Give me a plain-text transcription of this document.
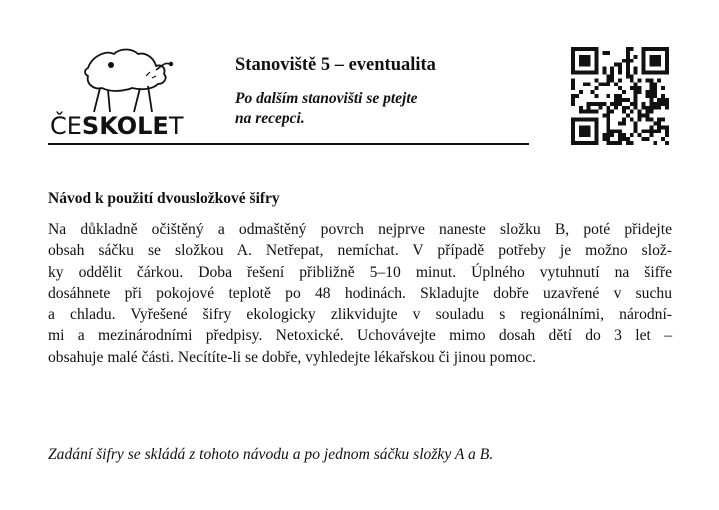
ČESKOLET
Stanoviště 5 – eventualita
Po dalším stanovišti se ptejte
na recepci.
Návod k použití dvousložkové šifry
Na důkladně očištěný a odmaštěný povrch nejprve naneste složku B, poté přidejte
obsah sáčku se složkou A. Netřepat, nemíchat. V případě potřeby je možno slož-
ky oddělit čárkou. Doba řešení přibližně 5–10 minut. Úplného vytuhnutí na šifře
dosáhnete při pokojové teplotě po 48 hodinách. Skladujte dobře uzavřené v suchu
a chladu. Vyřešené šifry ekologicky zlikvidujte v souladu s regionálními, národní-
mi a mezinárodními předpisy. Netoxické. Uchovávejte mimo dosah dětí do 3 let –
obsahuje malé části. Necítíte-li se dobře, vyhledejte lékařskou či jinou pomoc.
Zadání šifry se skládá z tohoto návodu a po jednom sáčku složky A a B.
